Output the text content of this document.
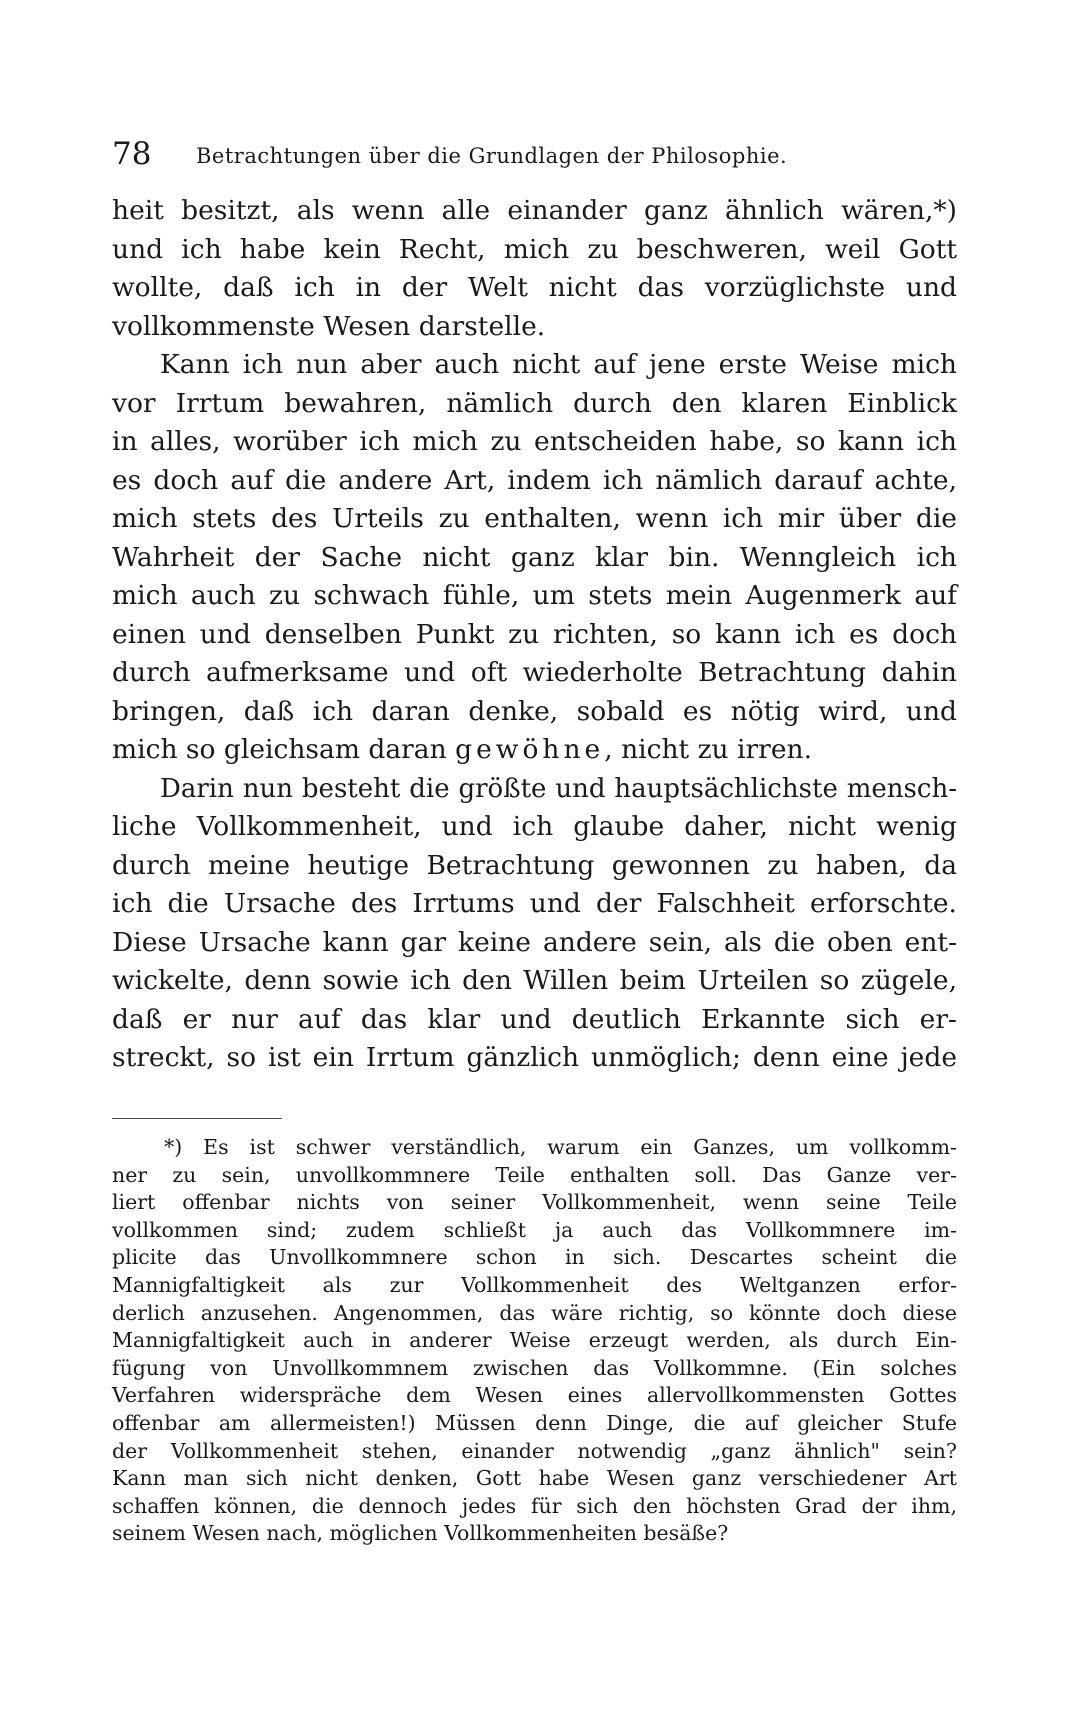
78 Betrachtungen über die Grundlagen der Philosophie.

heit besitzt, als wenn alle einander ganz ähnlich wären,*)
und ich habe kein Recht, mich zu beschweren, weil Gott
wollte, daß ich in der Welt nicht das vorzüglichste und
vollkommenste Wesen darstelle.

Kann ich nun aber auch nicht auf jene erste Weise mich
vor Irrtum bewahren, nämlich durch den klaren Einblick
in alles, worüber ich mich zu entscheiden habe, so kann ich
es doch auf die andere Art, indem ich nämlich darauf achte,
mich stets des Urteils zu enthalten, wenn ich mir über die
Wahrheit der Sache nicht ganz klar bin. Wenngleich ich
mich auch zu schwach fühle, um stets mein Augenmerk auf
einen und denselben Punkt zu richten, so kann ich es doch
durch aufmerksame und oft wiederholte Betrachtung dahin
bringen, daß ich daran denke, sobald es nötig wird, und
mich so gleichsam daran gewöhne, nicht zu irren.

Darin nun besteht die größte und hauptsächlichste mensch-
liche Vollkommenheit, und ich glaube daher, nicht wenig
durch meine heutige Betrachtung gewonnen zu haben, da
ich die Ursache des Irrtums und der Falschheit erforschte.
Diese Ursache kann gar keine andere sein, als die oben ent-
wickelte, denn sowie ich den Willen beim Urteilen so zügele,
daß er nur auf das klar und deutlich Erkannte sich er-
streckt, so ist ein Irrtum gänzlich unmöglich; denn eine jede

*) Es ist schwer verständlich, warum ein Ganzes, um vollkomm-
ner zu sein, unvollkommnere Teile enthalten soll. Das Ganze ver-
liert offenbar nichts von seiner Vollkommenheit, wenn seine Teile
vollkommen sind; zudem schließt ja auch das Vollkommnere im-
plicite das Unvollkommnere schon in sich. Descartes scheint die
Mannigfaltigkeit als zur Vollkommenheit des Weltganzen erfor-
derlich anzusehen. Angenommen, das wäre richtig, so könnte doch diese
Mannigfaltigkeit auch in anderer Weise erzeugt werden, als durch Ein-
fügung von Unvollkommnem zwischen das Vollkommne. (Ein solches
Verfahren widerspräche dem Wesen eines allervollkommensten Gottes
offenbar am allermeisten!) Müssen denn Dinge, die auf gleicher Stufe
der Vollkommenheit stehen, einander notwendig „ganz ähnlich" sein?
Kann man sich nicht denken, Gott habe Wesen ganz verschiedener Art
schaffen können, die dennoch jedes für sich den höchsten Grad der ihm,
seinem Wesen nach, möglichen Vollkommenheiten besäße?
